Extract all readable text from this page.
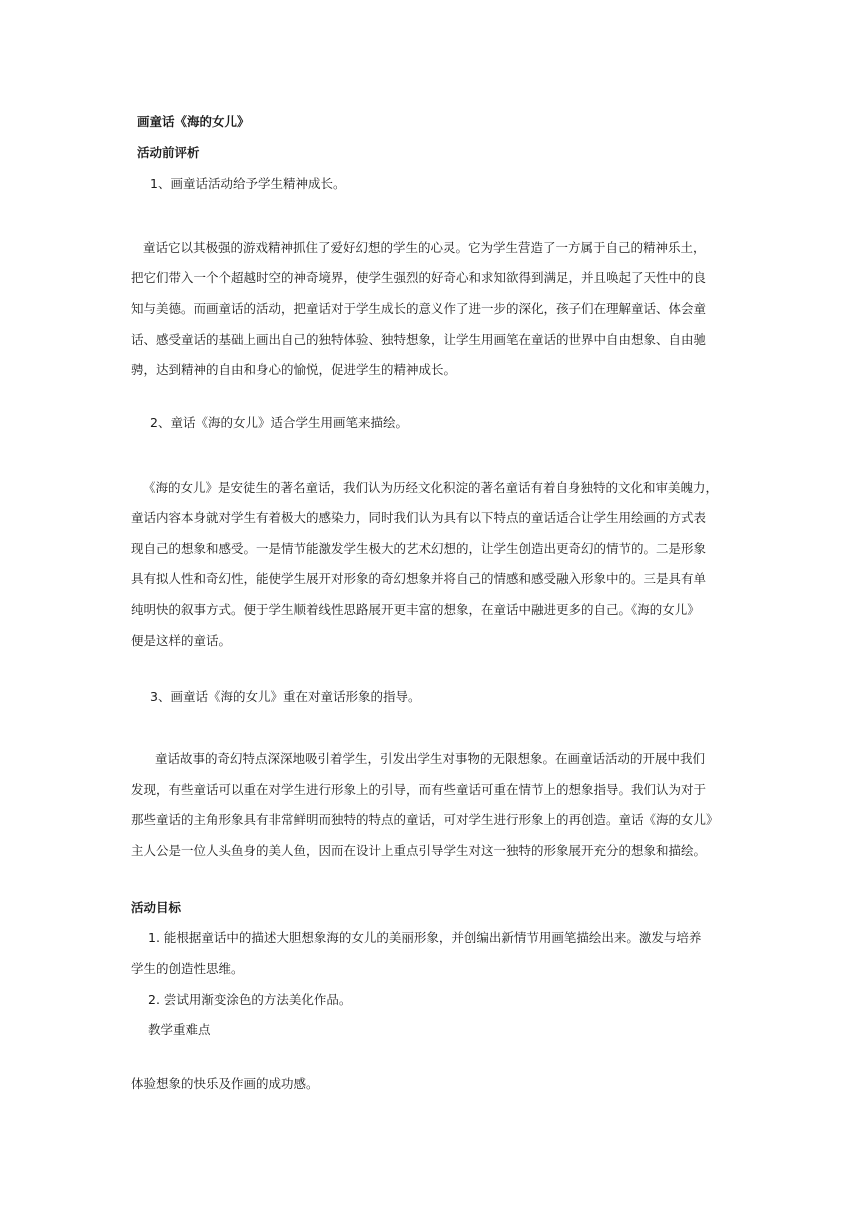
画童话《海的女儿》
活动前评析
1、画童话活动给予学生精神成长。
童话它以其极强的游戏精神抓住了爱好幻想的学生的心灵。它为学生营造了一方属于自己的精神乐土，
把它们带入一个个超越时空的神奇境界，使学生强烈的好奇心和求知欲得到满足，并且唤起了天性中的良
知与美德。而画童话的活动，把童话对于学生成长的意义作了进一步的深化，孩子们在理解童话、体会童
话、感受童话的基础上画出自己的独特体验、独特想象，让学生用画笔在童话的世界中自由想象、自由驰
骋，达到精神的自由和身心的愉悦，促进学生的精神成长。
2、童话《海的女儿》适合学生用画笔来描绘。
《海的女儿》是安徒生的著名童话，我们认为历经文化积淀的著名童话有着自身独特的文化和审美魄力，
童话内容本身就对学生有着极大的感染力，同时我们认为具有以下特点的童话适合让学生用绘画的方式表
现自己的想象和感受。一是情节能激发学生极大的艺术幻想的，让学生创造出更奇幻的情节的。二是形象
具有拟人性和奇幻性，能使学生展开对形象的奇幻想象并将自己的情感和感受融入形象中的。三是具有单
纯明快的叙事方式。便于学生顺着线性思路展开更丰富的想象，在童话中融进更多的自己。《海的女儿》
便是这样的童话。
3、画童话《海的女儿》重在对童话形象的指导。
童话故事的奇幻特点深深地吸引着学生，引发出学生对事物的无限想象。在画童话活动的开展中我们
发现，有些童话可以重在对学生进行形象上的引导，而有些童话可重在情节上的想象指导。我们认为对于
那些童话的主角形象具有非常鲜明而独特的特点的童话，可对学生进行形象上的再创造。童话《海的女儿》
主人公是一位人头鱼身的美人鱼，因而在设计上重点引导学生对这一独特的形象展开充分的想象和描绘。
活动目标
1. 能根据童话中的描述大胆想象海的女儿的美丽形象，并创编出新情节用画笔描绘出来。激发与培养
学生的创造性思维。
2. 尝试用渐变涂色的方法美化作品。
教学重难点
体验想象的快乐及作画的成功感。
